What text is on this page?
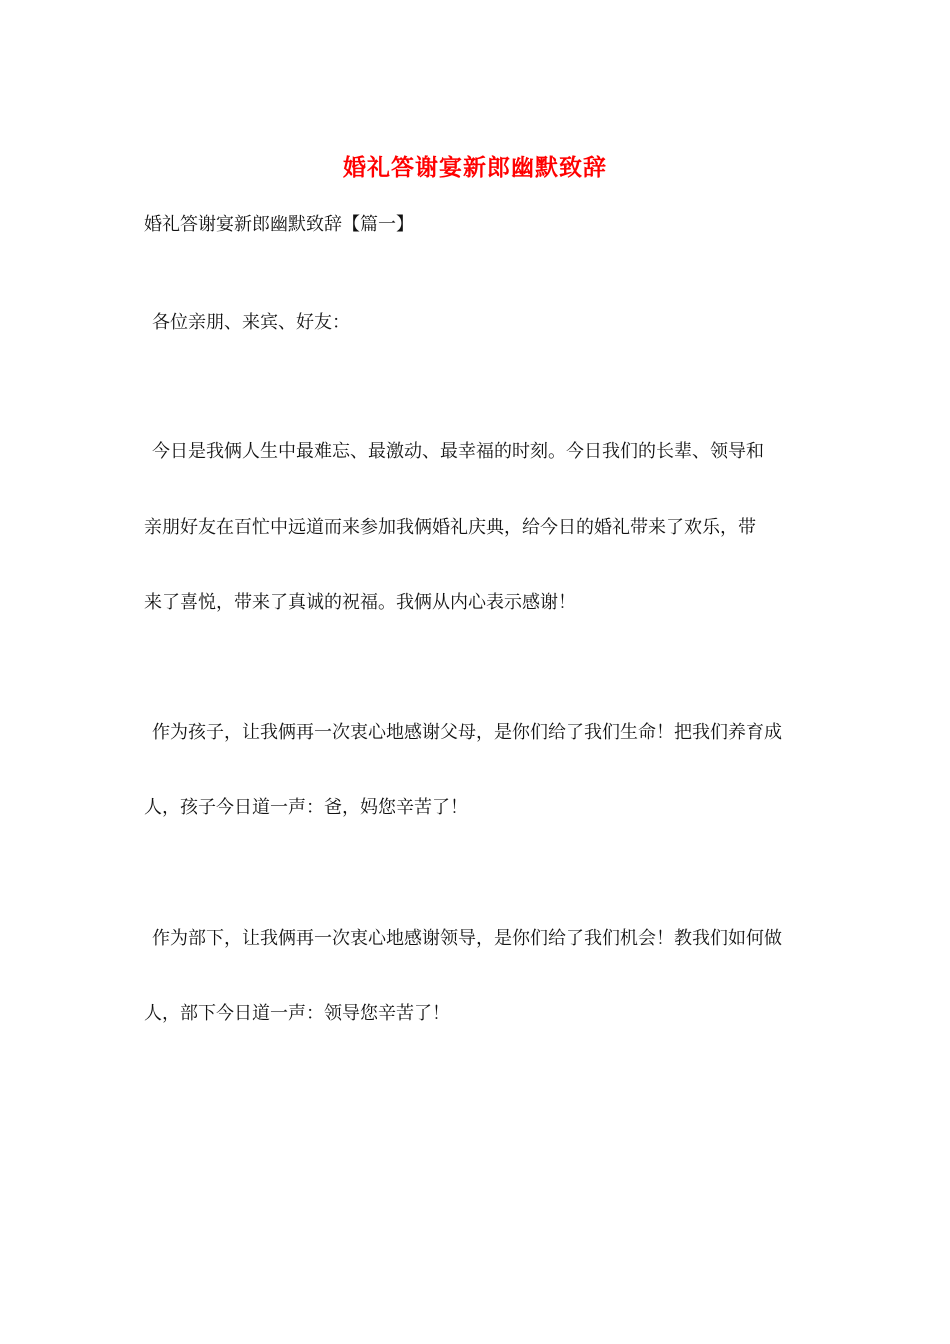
婚礼答谢宴新郎幽默致辞
婚礼答谢宴新郎幽默致辞【篇一】
各位亲朋、来宾、好友：
今日是我俩人生中最难忘、最激动、最幸福的时刻。今日我们的长辈、领导和
亲朋好友在百忙中远道而来参加我俩婚礼庆典，给今日的婚礼带来了欢乐，带
来了喜悦，带来了真诚的祝福。我俩从内心表示感谢！
作为孩子，让我俩再一次衷心地感谢父母，是你们给了我们生命！把我们养育成
人，孩子今日道一声：爸，妈您辛苦了！
作为部下，让我俩再一次衷心地感谢领导，是你们给了我们机会！教我们如何做
人，部下今日道一声：领导您辛苦了！
